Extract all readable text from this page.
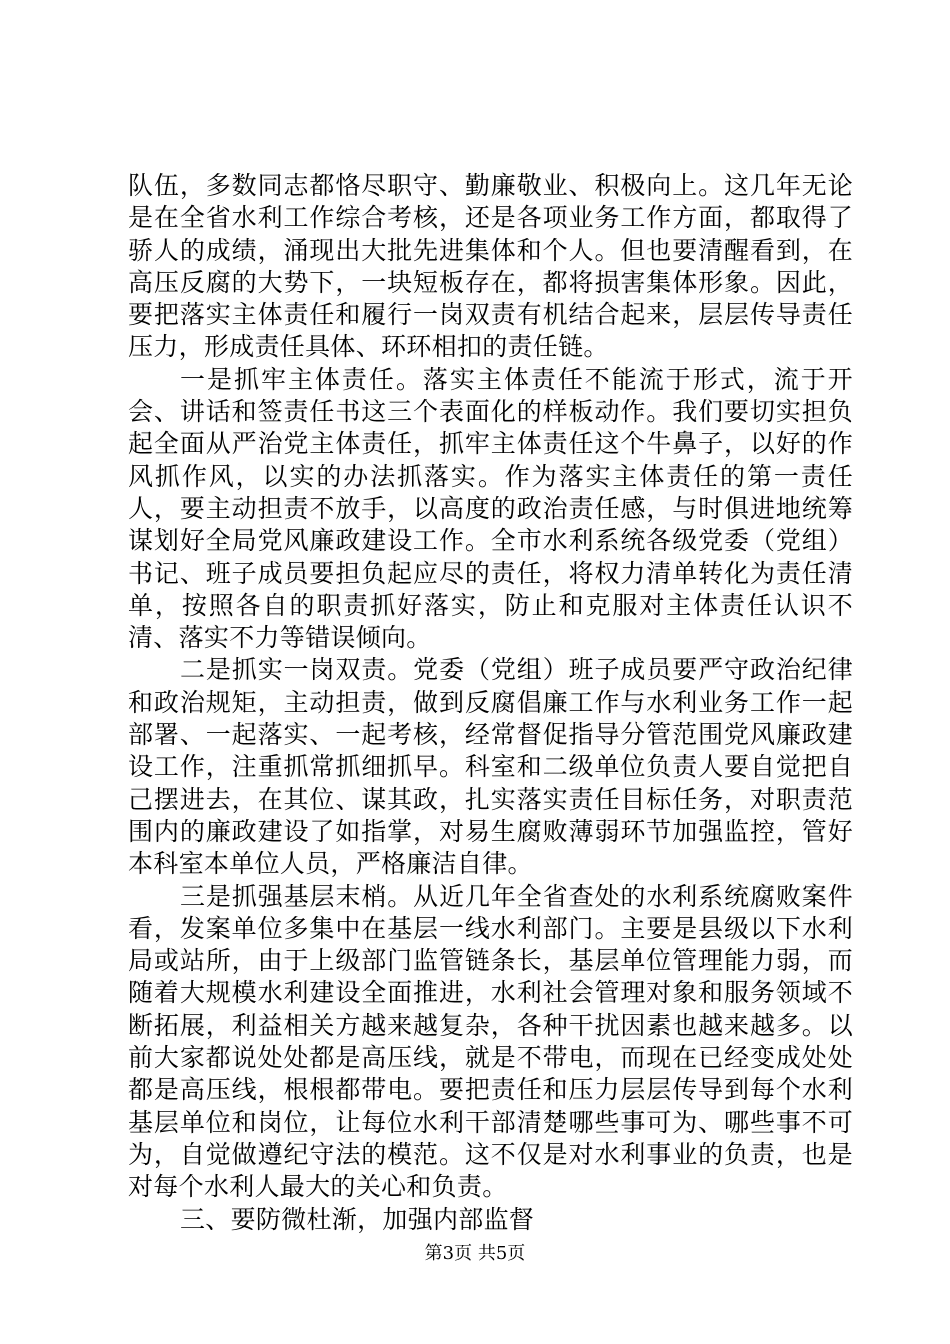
队伍，多数同志都恪尽职守、勤廉敬业、积极向上。这几年无论是在全省水利工作综合考核，还是各项业务工作方面，都取得了骄人的成绩，涌现出大批先进集体和个人。但也要清醒看到，在高压反腐的大势下，一块短板存在，都将损害集体形象。因此，要把落实主体责任和履行一岗双责有机结合起来，层层传导责任压力，形成责任具体、环环相扣的责任链。

一是抓牢主体责任。落实主体责任不能流于形式，流于开会、讲话和签责任书这三个表面化的样板动作。我们要切实担负起全面从严治党主体责任，抓牢主体责任这个牛鼻子，以好的作风抓作风，以实的办法抓落实。作为落实主体责任的第一责任人，要主动担责不放手，以高度的政治责任感，与时俱进地统筹谋划好全局党风廉政建设工作。全市水利系统各级党委（党组）书记、班子成员要担负起应尽的责任，将权力清单转化为责任清单，按照各自的职责抓好落实，防止和克服对主体责任认识不清、落实不力等错误倾向。

二是抓实一岗双责。党委（党组）班子成员要严守政治纪律和政治规矩，主动担责，做到反腐倡廉工作与水利业务工作一起部署、一起落实、一起考核，经常督促指导分管范围党风廉政建设工作，注重抓常抓细抓早。科室和二级单位负责人要自觉把自己摆进去，在其位、谋其政，扎实落实责任目标任务，对职责范围内的廉政建设了如指掌，对易生腐败薄弱环节加强监控，管好本科室本单位人员，严格廉洁自律。

三是抓强基层末梢。从近几年全省查处的水利系统腐败案件看，发案单位多集中在基层一线水利部门。主要是县级以下水利局或站所，由于上级部门监管链条长，基层单位管理能力弱，而随着大规模水利建设全面推进，水利社会管理对象和服务领域不断拓展，利益相关方越来越复杂，各种干扰因素也越来越多。以前大家都说处处都是高压线，就是不带电，而现在已经变成处处都是高压线，根根都带电。要把责任和压力层层传导到每个水利基层单位和岗位，让每位水利干部清楚哪些事可为、哪些事不可为，自觉做遵纪守法的模范。这不仅是对水利事业的负责，也是对每个水利人最大的关心和负责。

三、要防微杜渐，加强内部监督

第3页 共5页
